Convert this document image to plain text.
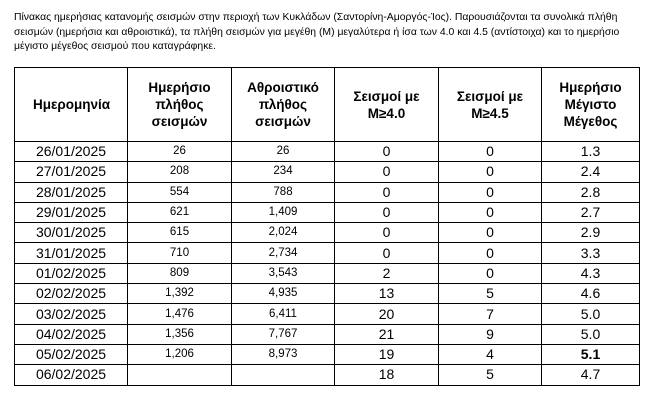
Πίνακας ημερήσιας κατανομής σεισμών στην περιοχή των Κυκλάδων (Σαντορίνη-Αμοργός-Ίος). Παρουσιάζονται τα συνολικά πλήθη σεισμών (ημερήσια και αθροιστικά), τα πλήθη σεισμών για μεγέθη (Μ) μεγαλύτερα ή ίσα των 4.0 και 4.5 (αντίστοιχα) και το ημερήσιο μέγιστο μέγεθος σεισμού που καταγράφηκε.
Ημερομηνία	Ημερήσιο πλήθος σεισμών	Αθροιστικό πλήθος σεισμών	Σεισμοί με Μ≥4.0	Σεισμοί με Μ≥4.5	Ημερήσιο Μέγιστο Μέγεθος
26/01/2025	26	26	0	0	1.3
27/01/2025	208	234	0	0	2.4
28/01/2025	554	788	0	0	2.8
29/01/2025	621	1,409	0	0	2.7
30/01/2025	615	2,024	0	0	2.9
31/01/2025	710	2,734	0	0	3.3
01/02/2025	809	3,543	2	0	4.3
02/02/2025	1,392	4,935	13	5	4.6
03/02/2025	1,476	6,411	20	7	5.0
04/02/2025	1,356	7,767	21	9	5.0
05/02/2025	1,206	8,973	19	4	5.1
06/02/2025			18	5	4.7
